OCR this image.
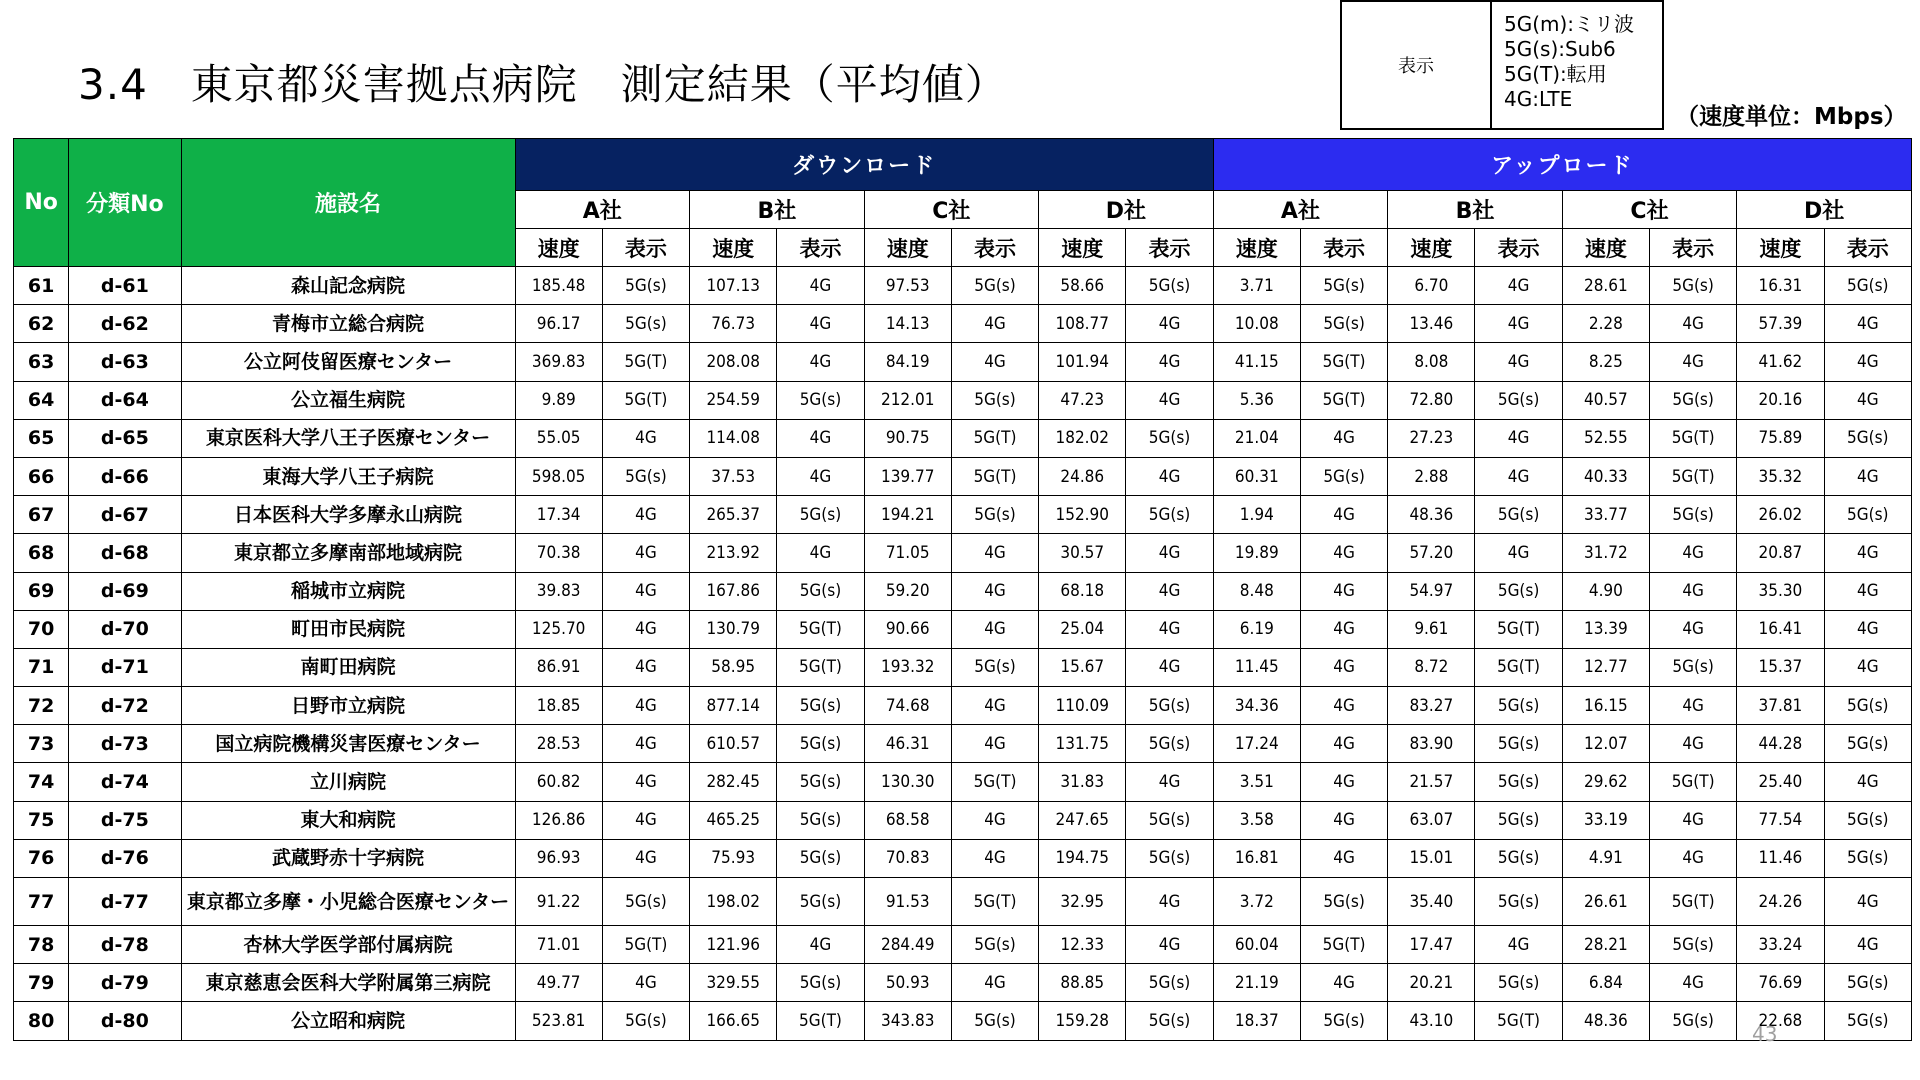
3.4　東京都災害拠点病院　測定結果（平均値）	表示
5G(m):ミリ波
5G(s):Sub6
5G(T):転用
4G:LTE
（速度単位：Mbps）
No	分類No	施設名	ダウンロード								アップロード							
			A社		B社		C社		D社		A社		B社		C社		D社	
			速度	表示	速度	表示	速度	表示	速度	表示	速度	表示	速度	表示	速度	表示	速度	表示
61	d-61	森山記念病院	185.48	5G(s)	107.13	4G	97.53	5G(s)	58.66	5G(s)	3.71	5G(s)	6.70	4G	28.61	5G(s)	16.31	5G(s)
62	d-62	青梅市立総合病院	96.17	5G(s)	76.73	4G	14.13	4G	108.77	4G	10.08	5G(s)	13.46	4G	2.28	4G	57.39	4G
63	d-63	公立阿伎留医療センター	369.83	5G(T)	208.08	4G	84.19	4G	101.94	4G	41.15	5G(T)	8.08	4G	8.25	4G	41.62	4G
64	d-64	公立福生病院	9.89	5G(T)	254.59	5G(s)	212.01	5G(s)	47.23	4G	5.36	5G(T)	72.80	5G(s)	40.57	5G(s)	20.16	4G
65	d-65	東京医科大学八王子医療センター	55.05	4G	114.08	4G	90.75	5G(T)	182.02	5G(s)	21.04	4G	27.23	4G	52.55	5G(T)	75.89	5G(s)
66	d-66	東海大学八王子病院	598.05	5G(s)	37.53	4G	139.77	5G(T)	24.86	4G	60.31	5G(s)	2.88	4G	40.33	5G(T)	35.32	4G
67	d-67	日本医科大学多摩永山病院	17.34	4G	265.37	5G(s)	194.21	5G(s)	152.90	5G(s)	1.94	4G	48.36	5G(s)	33.77	5G(s)	26.02	5G(s)
68	d-68	東京都立多摩南部地域病院	70.38	4G	213.92	4G	71.05	4G	30.57	4G	19.89	4G	57.20	4G	31.72	4G	20.87	4G
69	d-69	稲城市立病院	39.83	4G	167.86	5G(s)	59.20	4G	68.18	4G	8.48	4G	54.97	5G(s)	4.90	4G	35.30	4G
70	d-70	町田市民病院	125.70	4G	130.79	5G(T)	90.66	4G	25.04	4G	6.19	4G	9.61	5G(T)	13.39	4G	16.41	4G
71	d-71	南町田病院	86.91	4G	58.95	5G(T)	193.32	5G(s)	15.67	4G	11.45	4G	8.72	5G(T)	12.77	5G(s)	15.37	4G
72	d-72	日野市立病院	18.85	4G	877.14	5G(s)	74.68	4G	110.09	5G(s)	34.36	4G	83.27	5G(s)	16.15	4G	37.81	5G(s)
73	d-73	国立病院機構災害医療センター	28.53	4G	610.57	5G(s)	46.31	4G	131.75	5G(s)	17.24	4G	83.90	5G(s)	12.07	4G	44.28	5G(s)
74	d-74	立川病院	60.82	4G	282.45	5G(s)	130.30	5G(T)	31.83	4G	3.51	4G	21.57	5G(s)	29.62	5G(T)	25.40	4G
75	d-75	東大和病院	126.86	4G	465.25	5G(s)	68.58	4G	247.65	5G(s)	3.58	4G	63.07	5G(s)	33.19	4G	77.54	5G(s)
76	d-76	武蔵野赤十字病院	96.93	4G	75.93	5G(s)	70.83	4G	194.75	5G(s)	16.81	4G	15.01	5G(s)	4.91	4G	11.46	5G(s)
77	d-77	東京都立多摩・小児総合医療センター	91.22	5G(s)	198.02	5G(s)	91.53	5G(T)	32.95	4G	3.72	5G(s)	35.40	5G(s)	26.61	5G(T)	24.26	4G
78	d-78	杏林大学医学部付属病院	71.01	5G(T)	121.96	4G	284.49	5G(s)	12.33	4G	60.04	5G(T)	17.47	4G	28.21	5G(s)	33.24	4G
79	d-79	東京慈恵会医科大学附属第三病院	49.77	4G	329.55	5G(s)	50.93	4G	88.85	5G(s)	21.19	4G	20.21	5G(s)	6.84	4G	76.69	5G(s)
80	d-80	公立昭和病院	523.81	5G(s)	166.65	5G(T)	343.83	5G(s)	159.28	5G(s)	18.37	5G(s)	43.10	5G(T)	48.36	5G(s)	22.68	5G(s)
43
